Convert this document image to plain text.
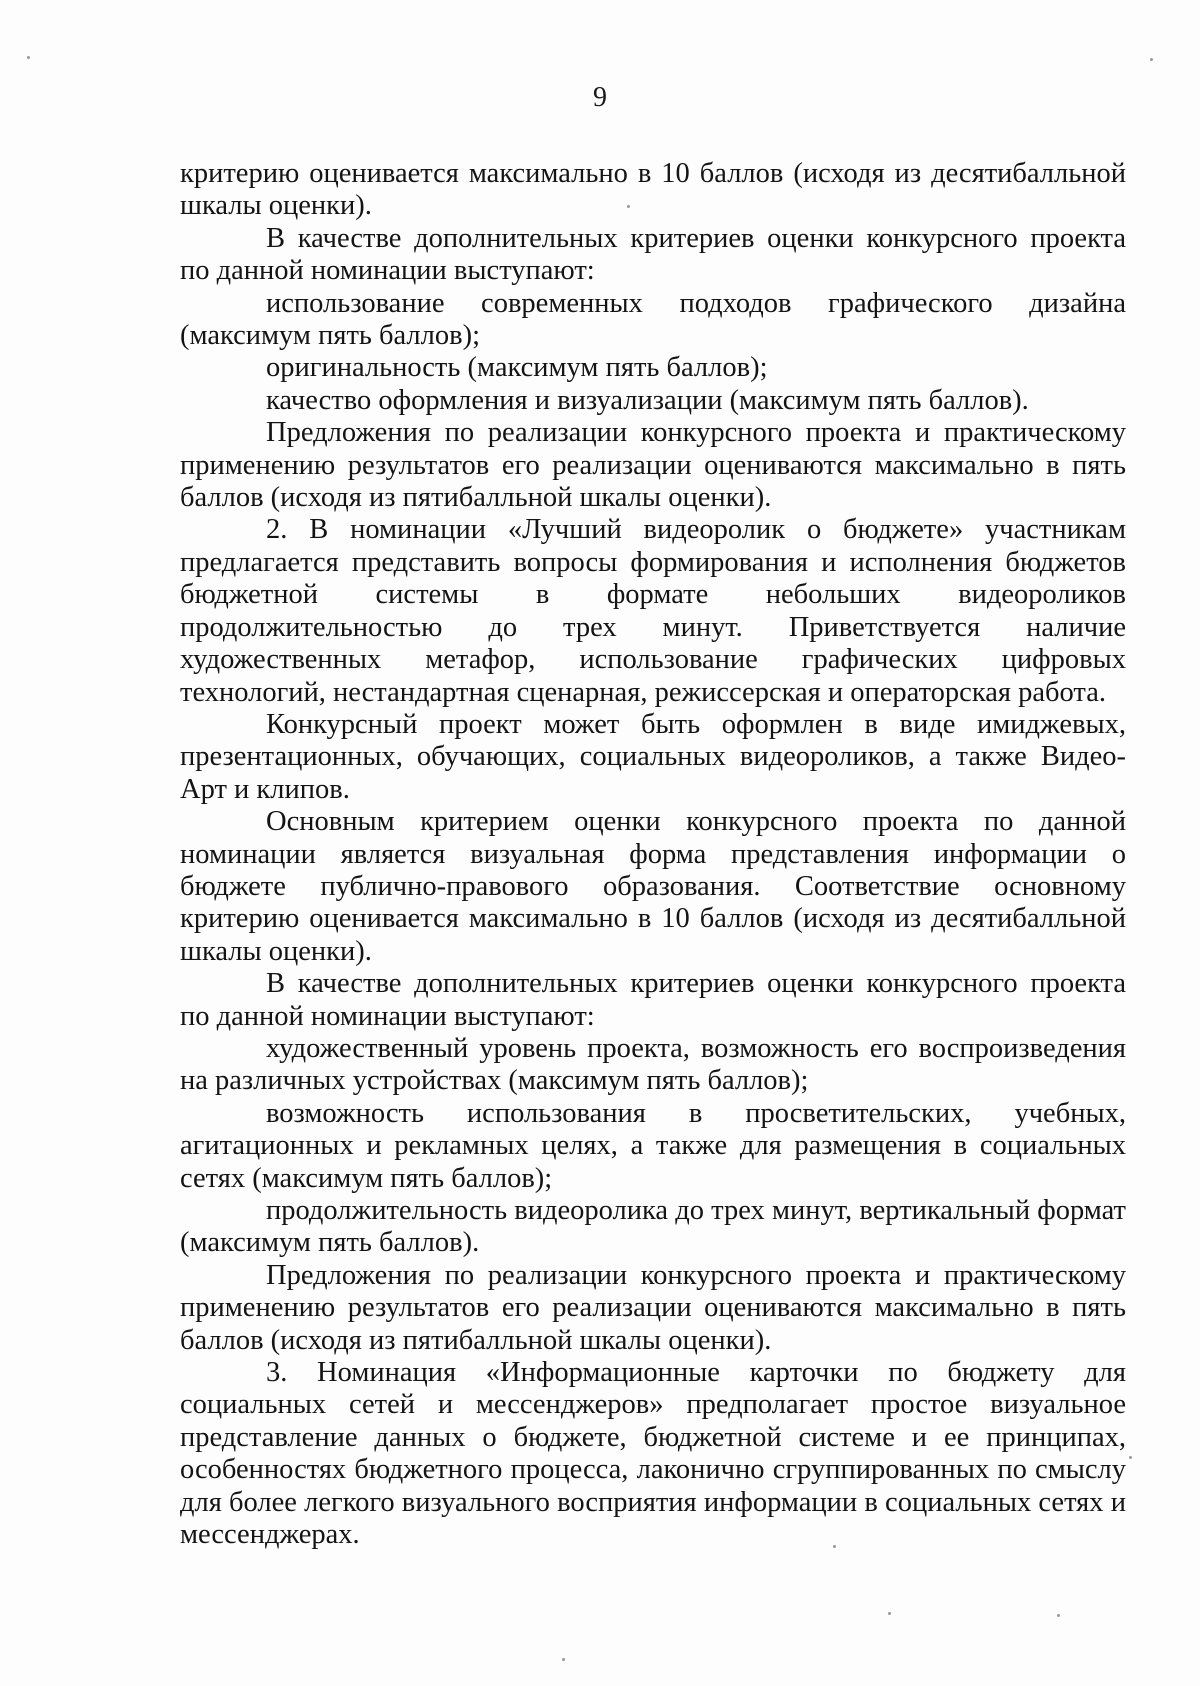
9

критерию оценивается максимально в 10 баллов (исходя из десятибалльной шкалы оценки).

В качестве дополнительных критериев оценки конкурсного проекта по данной номинации выступают:

использование современных подходов графического дизайна (максимум пять баллов);

оригинальность (максимум пять баллов);

качество оформления и визуализации (максимум пять баллов).

Предложения по реализации конкурсного проекта и практическому применению результатов его реализации оцениваются максимально в пять баллов (исходя из пятибалльной шкалы оценки).

2. В номинации «Лучший видеоролик о бюджете» участникам предлагается представить вопросы формирования и исполнения бюджетов бюджетной системы в формате небольших видеороликов продолжительностью до трех минут. Приветствуется наличие художественных метафор, использование графических цифровых технологий, нестандартная сценарная, режиссерская и операторская работа.

Конкурсный проект может быть оформлен в виде имиджевых, презентационных, обучающих, социальных видеороликов, а также Видео-Арт и клипов.

Основным критерием оценки конкурсного проекта по данной номинации является визуальная форма представления информации о бюджете публично-правового образования. Соответствие основному критерию оценивается максимально в 10 баллов (исходя из десятибалльной шкалы оценки).

В качестве дополнительных критериев оценки конкурсного проекта по данной номинации выступают:

художественный уровень проекта, возможность его воспроизведения на различных устройствах (максимум пять баллов);

возможность использования в просветительских, учебных, агитационных и рекламных целях, а также для размещения в социальных сетях (максимум пять баллов);

продолжительность видеоролика до трех минут, вертикальный формат (максимум пять баллов).

Предложения по реализации конкурсного проекта и практическому применению результатов его реализации оцениваются максимально в пять баллов (исходя из пятибалльной шкалы оценки).

3. Номинация «Информационные карточки по бюджету для социальных сетей и мессенджеров» предполагает простое визуальное представление данных о бюджете, бюджетной системе и ее принципах, особенностях бюджетного процесса, лаконично сгруппированных по смыслу для более легкого визуального восприятия информации в социальных сетях и мессенджерах.
